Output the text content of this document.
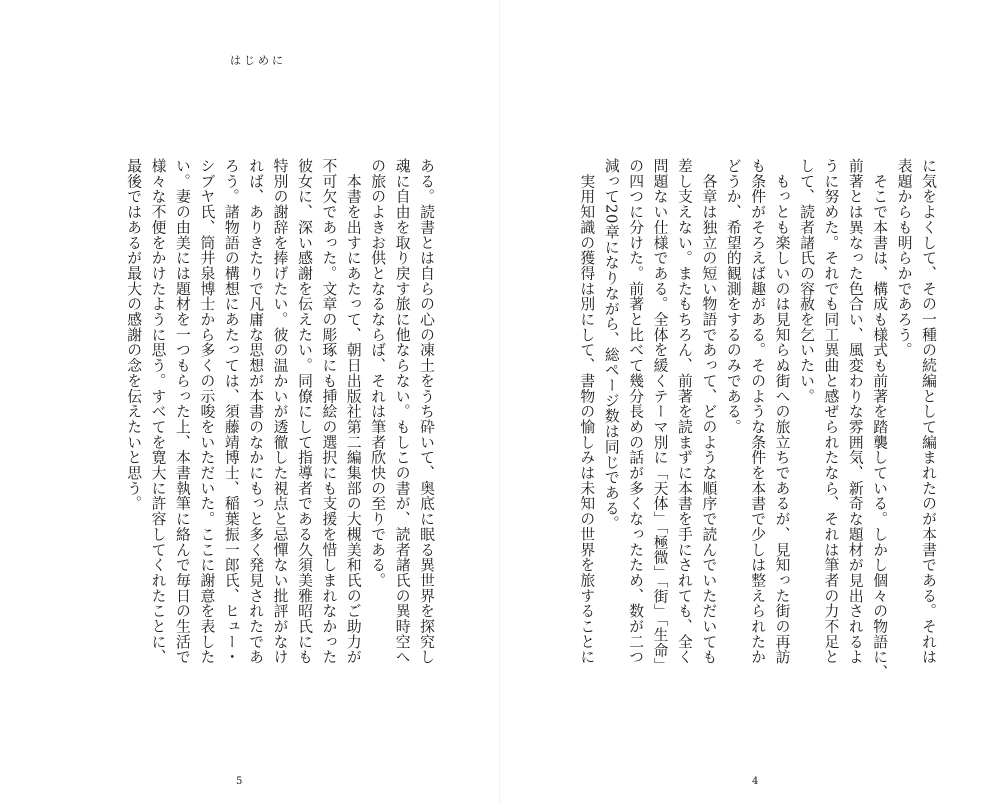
はじめに
ある。読書とは自らの心の凍土をうち砕いて、奥底に眠る異世界を探究し
魂に自由を取り戻す旅に他ならない。もしこの書が、読者諸氏の異時空へ
の旅のよきお供となるならば、それは筆者欣快の至りである。
　本書を出すにあたって、朝日出版社第二編集部の大槻美和氏のご助力が
不可欠であった。文章の彫琢にも挿絵の選択にも支援を惜しまれなかった
彼女に、深い感謝を伝えたい。同僚にして指導者である久須美雅昭氏にも
特別の謝辞を捧げたい。彼の温かいが透徹した視点と忌憚ない批評がなけ
れば、ありきたりで凡庸な思想が本書のなかにもっと多く発見されたであ
ろう。諸物語の構想にあたっては、須藤靖博士、稲葉振一郎氏、ヒュー・
シブヤ氏、筒井泉博士から多くの示唆をいただいた。ここに謝意を表した
い。妻の由美には題材を一つもらった上、本書執筆に絡んで毎日の生活で
様々な不便をかけたように思う。すべてを寛大に許容してくれたことに、
最後ではあるが最大の感謝の念を伝えたいと思う。
5
に気をよくして、その一種の続編として編まれたのが本書である。それは
表題からも明らかであろう。
　そこで本書は、構成も様式も前著を踏襲している。しかし個々の物語に、
前著とは異なった色合い、風変わりな雰囲気、新奇な題材が見出されるよ
うに努めた。それでも同工異曲と感ぜられたなら、それは筆者の力不足と
して、読者諸氏の容赦を乞いたい。
　もっとも楽しいのは見知らぬ街への旅立ちであるが、見知った街の再訪
も条件がそろえば趣がある。そのような条件を本書で少しは整えられたか
どうか、希望的観測をするのみである。
　各章は独立の短い物語であって、どのような順序で読んでいただいても
差し支えない。またもちろん、前著を読まずに本書を手にされても、全く
問題ない仕様である。全体を緩くテーマ別に「天体」「極微」「街」「生命」
の四つに分けた。前著と比べて幾分長めの話が多くなったため、数が二つ
減って20章になりながら、総ページ数は同じである。
　実用知識の獲得は別にして、書物の愉しみは未知の世界を旅することに
4
